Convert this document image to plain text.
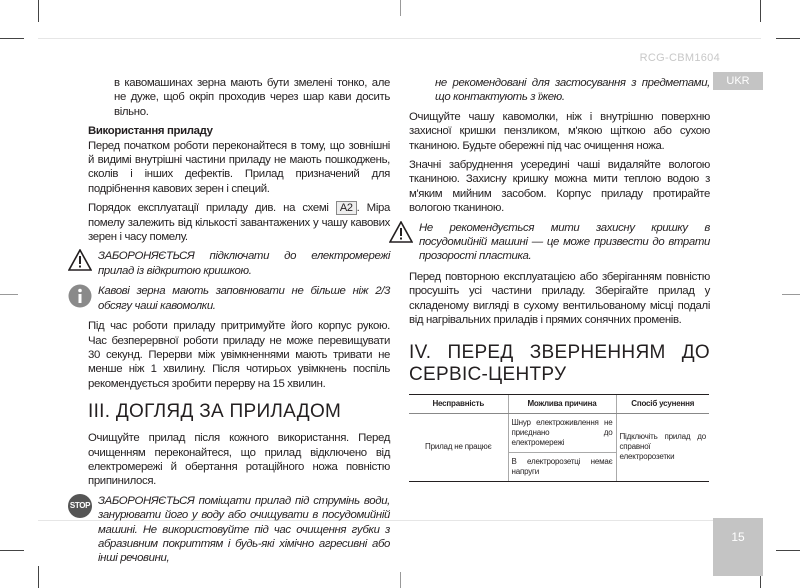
RCG-CBM1604
UKR
15

в кавомашинах зерна мають бути змелені тонко, але не дуже, щоб окріп проходив через шар кави досить вільно.

Використання приладу

Перед початком роботи переконайтеся в тому, що зовнішні й видимі внутрішні частини приладу не мають пошкоджень, сколів і інших дефектів. Прилад призначений для подрібнення кавових зерен і специй.

Порядок експлуатації приладу див. на схемі A2 . Міра помелу залежить від кількості завантажених у чашу кавових зерен і часу помелу.

ЗАБОРОНЯЄТЬСЯ підключати до електромережі прилад із відкритою кришкою.
Кавові зерна мають заповнювати не більше ніж 2/3 обсягу чаші кавомолки.

Під час роботи приладу притримуйте його корпус рукою. Час безперервної роботи приладу не може перевищувати 30 секунд. Перерви між увімкненнями мають тривати не менше ніж 1 хвилину. Після чотирьох увімкнень поспіль рекомендується зробити перерву на 15 хвилин.

III. ДОГЛЯД ЗА ПРИЛАДОМ

Очищуйте прилад після кожного використання. Перед очищенням переконайтеся, що прилад відключено від електромережі й обертання ротаційного ножа повністю припинилося.

STOP ЗАБОРОНЯЄТЬСЯ поміщати прилад під струмінь води, занурювати його у воду або очищувати в посудомийній машині. Не використовуйте під час очищення губки з абразивним покриттям і будь-які хімічно агресивні або інші речовини,

не рекомендовані для застосування з предметами, що контактують з їжею.

Очищуйте чашу кавомолки, ніж і внутрішню поверхню захисної кришки пензликом, м'якою щіткою або сухою тканиною. Будьте обережні під час очищення ножа.

Значні забруднення усередині чаші видаляйте вологою тканиною. Захисну кришку можна мити теплою водою з м'яким мийним засобом. Корпус приладу протирайте вологою тканиною.

Не рекомендується мити захисну кришку в посудомийній машині — це може призвести до втрати прозорості пластика.

Перед повторною експлуатацією або зберіганням повністю просушіть усі частини приладу. Зберігайте прилад у складеному вигляді в сухому вентильованому місці подалі від нагрівальних приладів і прямих сонячних променів.

IV. ПЕРЕД ЗВЕРНЕННЯМ ДО СЕРВІС-ЦЕНТРУ
Несправність	Можлива причина	Спосіб усунення
Прилад не працює	Шнур електроживлення не приєднано до електромережі	Підключіть прилад до справної електророзетки
	В електророзетці немає напруги	
